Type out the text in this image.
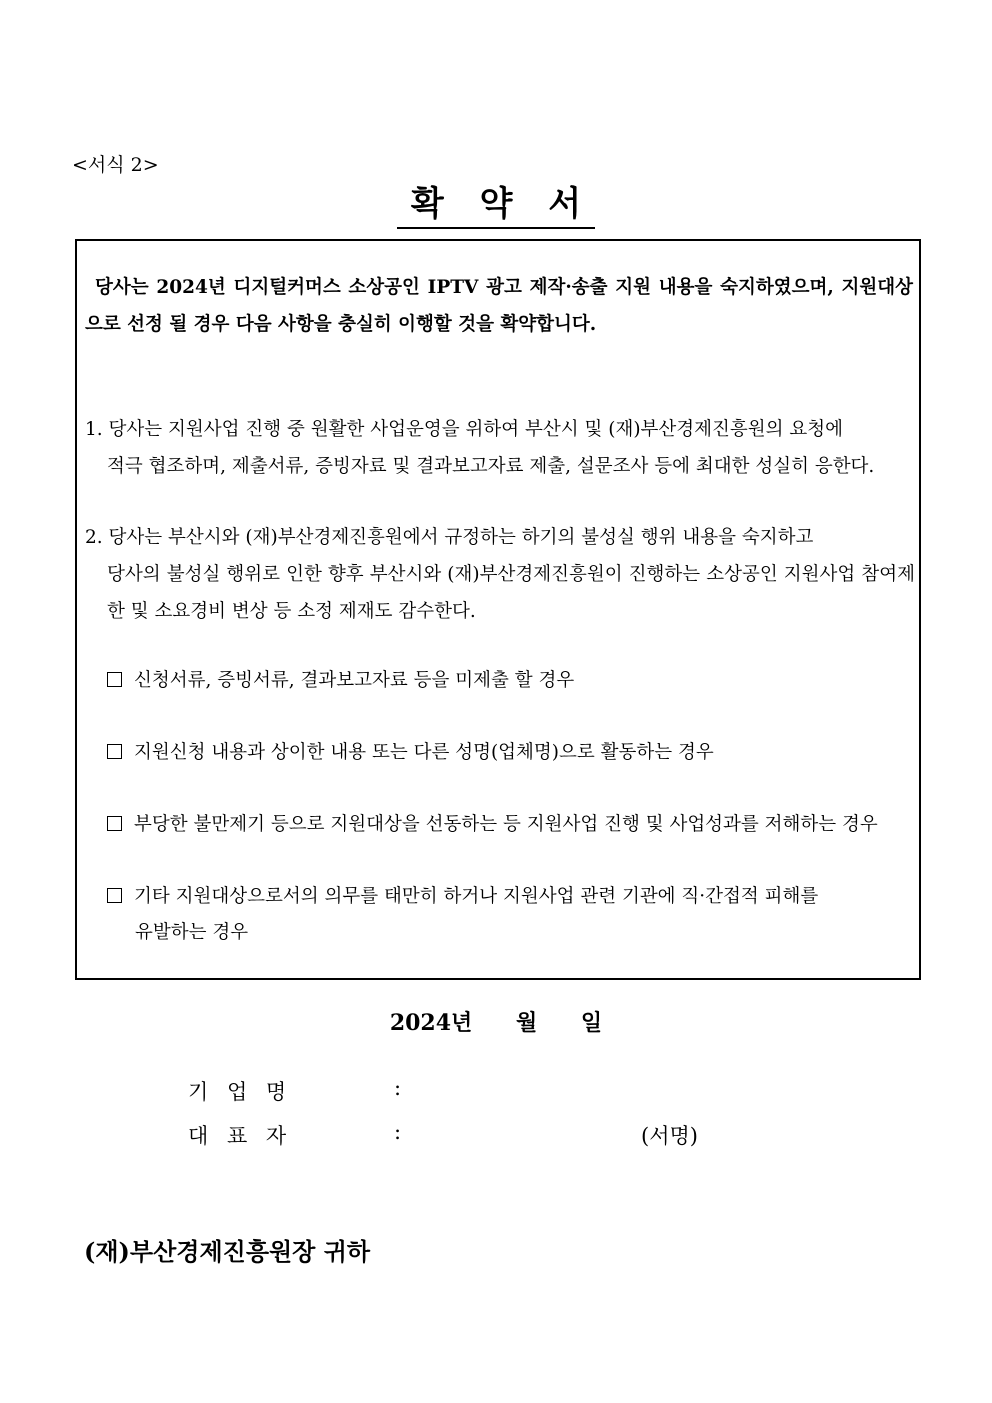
<서식 2>
확 약 서
당사는 2024년 디지털커머스 소상공인 IPTV 광고 제작·송출 지원 내용을 숙지하였으며, 지원대상으로 선정 될 경우 다음 사항을 충실히 이행할 것을 확약합니다.
1. 당사는 지원사업 진행 중 원활한 사업운영을 위하여 부산시 및 (재)부산경제진흥원의 요청에
적극 협조하며, 제출서류, 증빙자료 및 결과보고자료 제출, 설문조사 등에 최대한 성실히 응한다.
2. 당사는 부산시와 (재)부산경제진흥원에서 규정하는 하기의 불성실 행위 내용을 숙지하고
당사의 불성실 행위로 인한 향후 부산시와 (재)부산경제진흥원이 진행하는 소상공인 지원사업 참여제한 및 소요경비 변상 등 소정 제재도 감수한다.
신청서류, 증빙서류, 결과보고자료 등을 미제출 할 경우
지원신청 내용과 상이한 내용 또는 다른 성명(업체명)으로 활동하는 경우
부당한 불만제기 등으로 지원대상을 선동하는 등 지원사업 진행 및 사업성과를 저해하는 경우
기타 지원대상으로서의 의무를 태만히 하거나 지원사업 관련 기관에 직·간접적 피해를
유발하는 경우
2024년 월 일
기 업 명	:
대 표 자	:	(서명)
(재)부산경제진흥원장 귀하
